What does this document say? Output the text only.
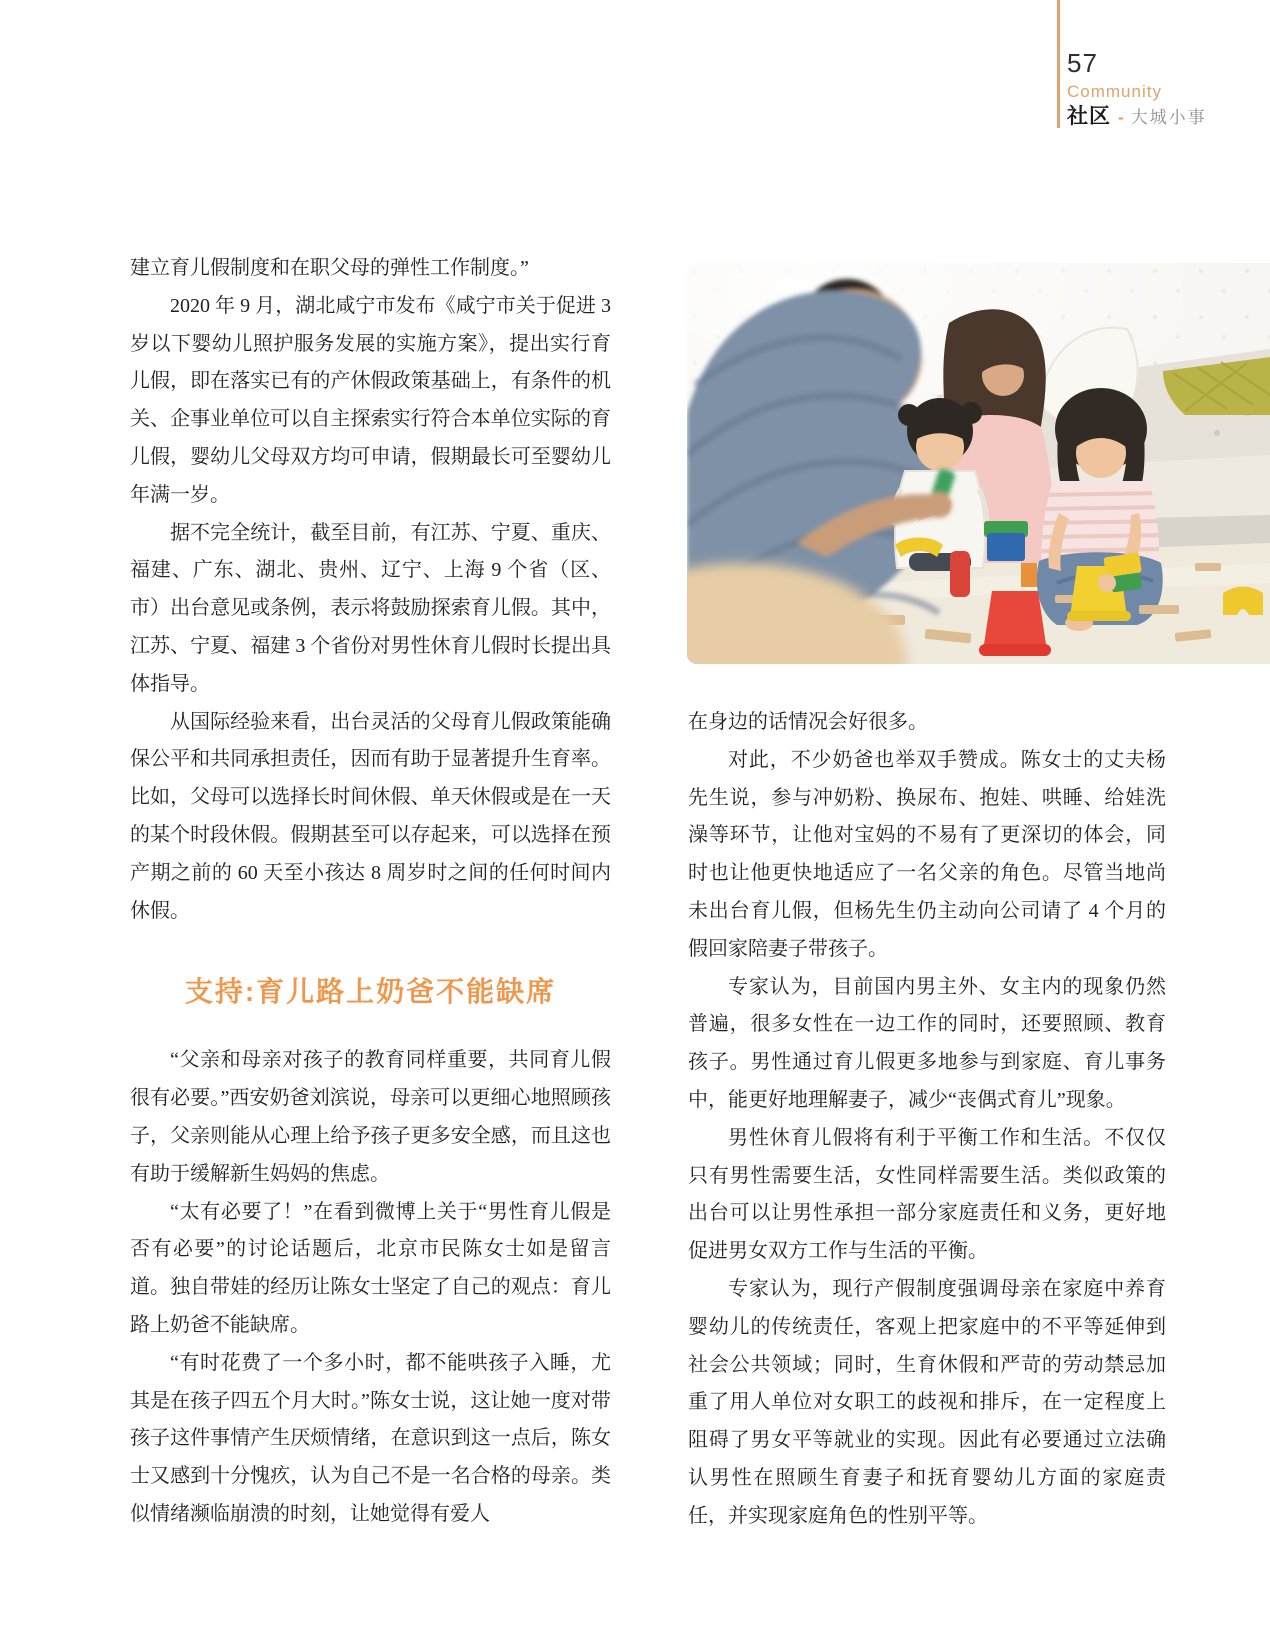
57
Community
社区 - 大城小事

建立育儿假制度和在职父母的弹性工作制度。”

2020 年 9 月，湖北咸宁市发布《咸宁市关于促进 3 岁以下婴幼儿照护服务发展的实施方案》，提出实行育儿假，即在落实已有的产休假政策基础上，有条件的机关、企事业单位可以自主探索实行符合本单位实际的育儿假，婴幼儿父母双方均可申请，假期最长可至婴幼儿年满一岁。

据不完全统计，截至目前，有江苏、宁夏、重庆、福建、广东、湖北、贵州、辽宁、上海 9 个省（区、市）出台意见或条例，表示将鼓励探索育儿假。其中，江苏、宁夏、福建 3 个省份对男性休育儿假时长提出具体指导。

从国际经验来看，出台灵活的父母育儿假政策能确保公平和共同承担责任，因而有助于显著提升生育率。比如，父母可以选择长时间休假、单天休假或是在一天的某个时段休假。假期甚至可以存起来，可以选择在预产期之前的 60 天至小孩达 8 周岁时之间的任何时间内休假。

支持:育儿路上奶爸不能缺席

“父亲和母亲对孩子的教育同样重要，共同育儿假很有必要。”西安奶爸刘滨说，母亲可以更细心地照顾孩子，父亲则能从心理上给予孩子更多安全感，而且这也有助于缓解新生妈妈的焦虑。

“太有必要了！”在看到微博上关于“男性育儿假是否有必要”的讨论话题后，北京市民陈女士如是留言道。独自带娃的经历让陈女士坚定了自己的观点：育儿路上奶爸不能缺席。

“有时花费了一个多小时，都不能哄孩子入睡，尤其是在孩子四五个月大时。”陈女士说，这让她一度对带孩子这件事情产生厌烦情绪，在意识到这一点后，陈女士又感到十分愧疚，认为自己不是一名合格的母亲。类似情绪濒临崩溃的时刻，让她觉得有爱人

在身边的话情况会好很多。

对此，不少奶爸也举双手赞成。陈女士的丈夫杨先生说，参与冲奶粉、换尿布、抱娃、哄睡、给娃洗澡等环节，让他对宝妈的不易有了更深切的体会，同时也让他更快地适应了一名父亲的角色。尽管当地尚未出台育儿假，但杨先生仍主动向公司请了 4 个月的假回家陪妻子带孩子。

专家认为，目前国内男主外、女主内的现象仍然普遍，很多女性在一边工作的同时，还要照顾、教育孩子。男性通过育儿假更多地参与到家庭、育儿事务中，能更好地理解妻子，减少“丧偶式育儿”现象。

男性休育儿假将有利于平衡工作和生活。不仅仅只有男性需要生活，女性同样需要生活。类似政策的出台可以让男性承担一部分家庭责任和义务，更好地促进男女双方工作与生活的平衡。

专家认为，现行产假制度强调母亲在家庭中养育婴幼儿的传统责任，客观上把家庭中的不平等延伸到社会公共领域；同时，生育休假和严苛的劳动禁忌加重了用人单位对女职工的歧视和排斥，在一定程度上阻碍了男女平等就业的实现。因此有必要通过立法确认男性在照顾生育妻子和抚育婴幼儿方面的家庭责任，并实现家庭角色的性别平等。
